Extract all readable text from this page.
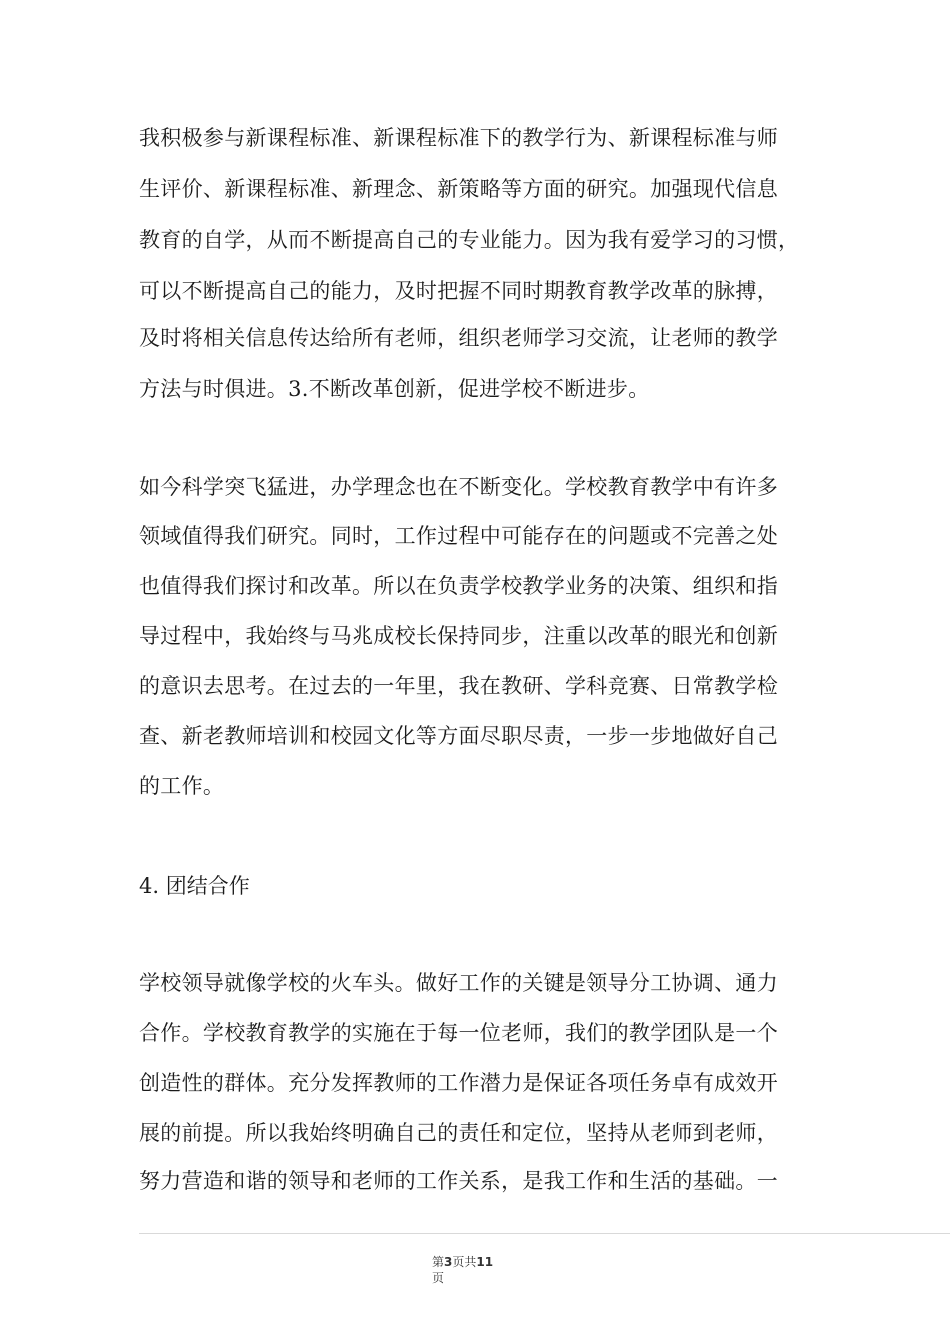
我积极参与新课程标准、新课程标准下的教学行为、新课程标准与师
生评价、新课程标准、新理念、新策略等方面的研究。加强现代信息
教育的自学，从而不断提高自己的专业能力。因为我有爱学习的习惯，
可以不断提高自己的能力，及时把握不同时期教育教学改革的脉搏，
及时将相关信息传达给所有老师，组织老师学习交流，让老师的教学
方法与时俱进。3.不断改革创新，促进学校不断进步。
如今科学突飞猛进，办学理念也在不断变化。学校教育教学中有许多
领域值得我们研究。同时，工作过程中可能存在的问题或不完善之处
也值得我们探讨和改革。所以在负责学校教学业务的决策、组织和指
导过程中，我始终与马兆成校长保持同步，注重以改革的眼光和创新
的意识去思考。在过去的一年里，我在教研、学科竞赛、日常教学检
查、新老教师培训和校园文化等方面尽职尽责，一步一步地做好自己
的工作。
4. 团结合作
学校领导就像学校的火车头。做好工作的关键是领导分工协调、通力
合作。学校教育教学的实施在于每一位老师，我们的教学团队是一个
创造性的群体。充分发挥教师的工作潜力是保证各项任务卓有成效开
展的前提。所以我始终明确自己的责任和定位，坚持从老师到老师，
努力营造和谐的领导和老师的工作关系，是我工作和生活的基础。一
第3页共11
页
